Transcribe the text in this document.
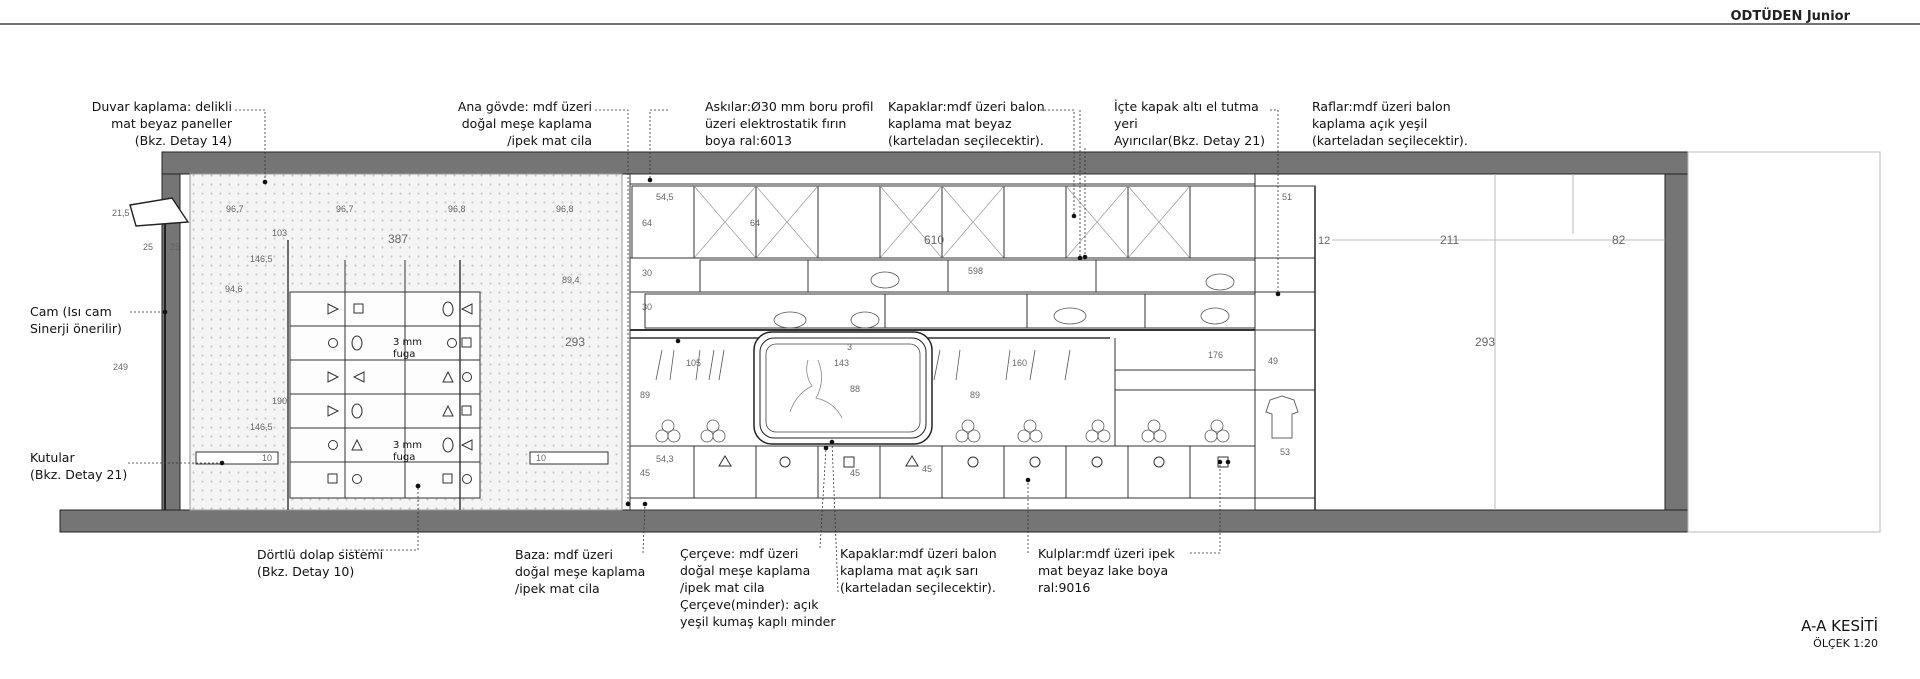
96,7	96,7	96,8	96,8
387
293	293
211	82
21,5
25 25
249
103
146,5
94,6
190
146,5
89,4
10	10
610
598
54,5
64	64
30
30
143
88
89	89
160
105
176
49
51
53
45	45	45
54,3
12
3
3 mm
fuga
3 mm
fuga
ODTÜDEN Junior
Duvar kaplama: delikli
mat beyaz paneller
(Bkz. Detay 14)
Cam (Isı cam
Sinerji önerilir)
Kutular
(Bkz. Detay 21)
Dörtlü dolap sistemi
(Bkz. Detay 10)
Ana gövde: mdf üzeri
doğal meşe kaplama
/ipek mat cila
Askılar:Ø30 mm boru profil
üzeri elektrostatik fırın
boya ral:6013
Kapaklar:mdf üzeri balon
kaplama mat beyaz
(karteladan seçilecektir).
İçte kapak altı el tutma
yeri
Ayırıcılar(Bkz. Detay 21)
Raflar:mdf üzeri balon
kaplama açık yeşil
(karteladan seçilecektir).
Baza: mdf üzeri
doğal meşe kaplama
/ipek mat cila
Çerçeve: mdf üzeri
doğal meşe kaplama
/ipek mat cila
Çerçeve(minder): açık
yeşil kumaş kaplı minder
Kapaklar:mdf üzeri balon
kaplama mat açık sarı
(karteladan seçilecektir).
Kulplar:mdf üzeri ipek
mat beyaz lake boya
ral:9016
A-A KESİTİ
ÖLÇEK 1:20
